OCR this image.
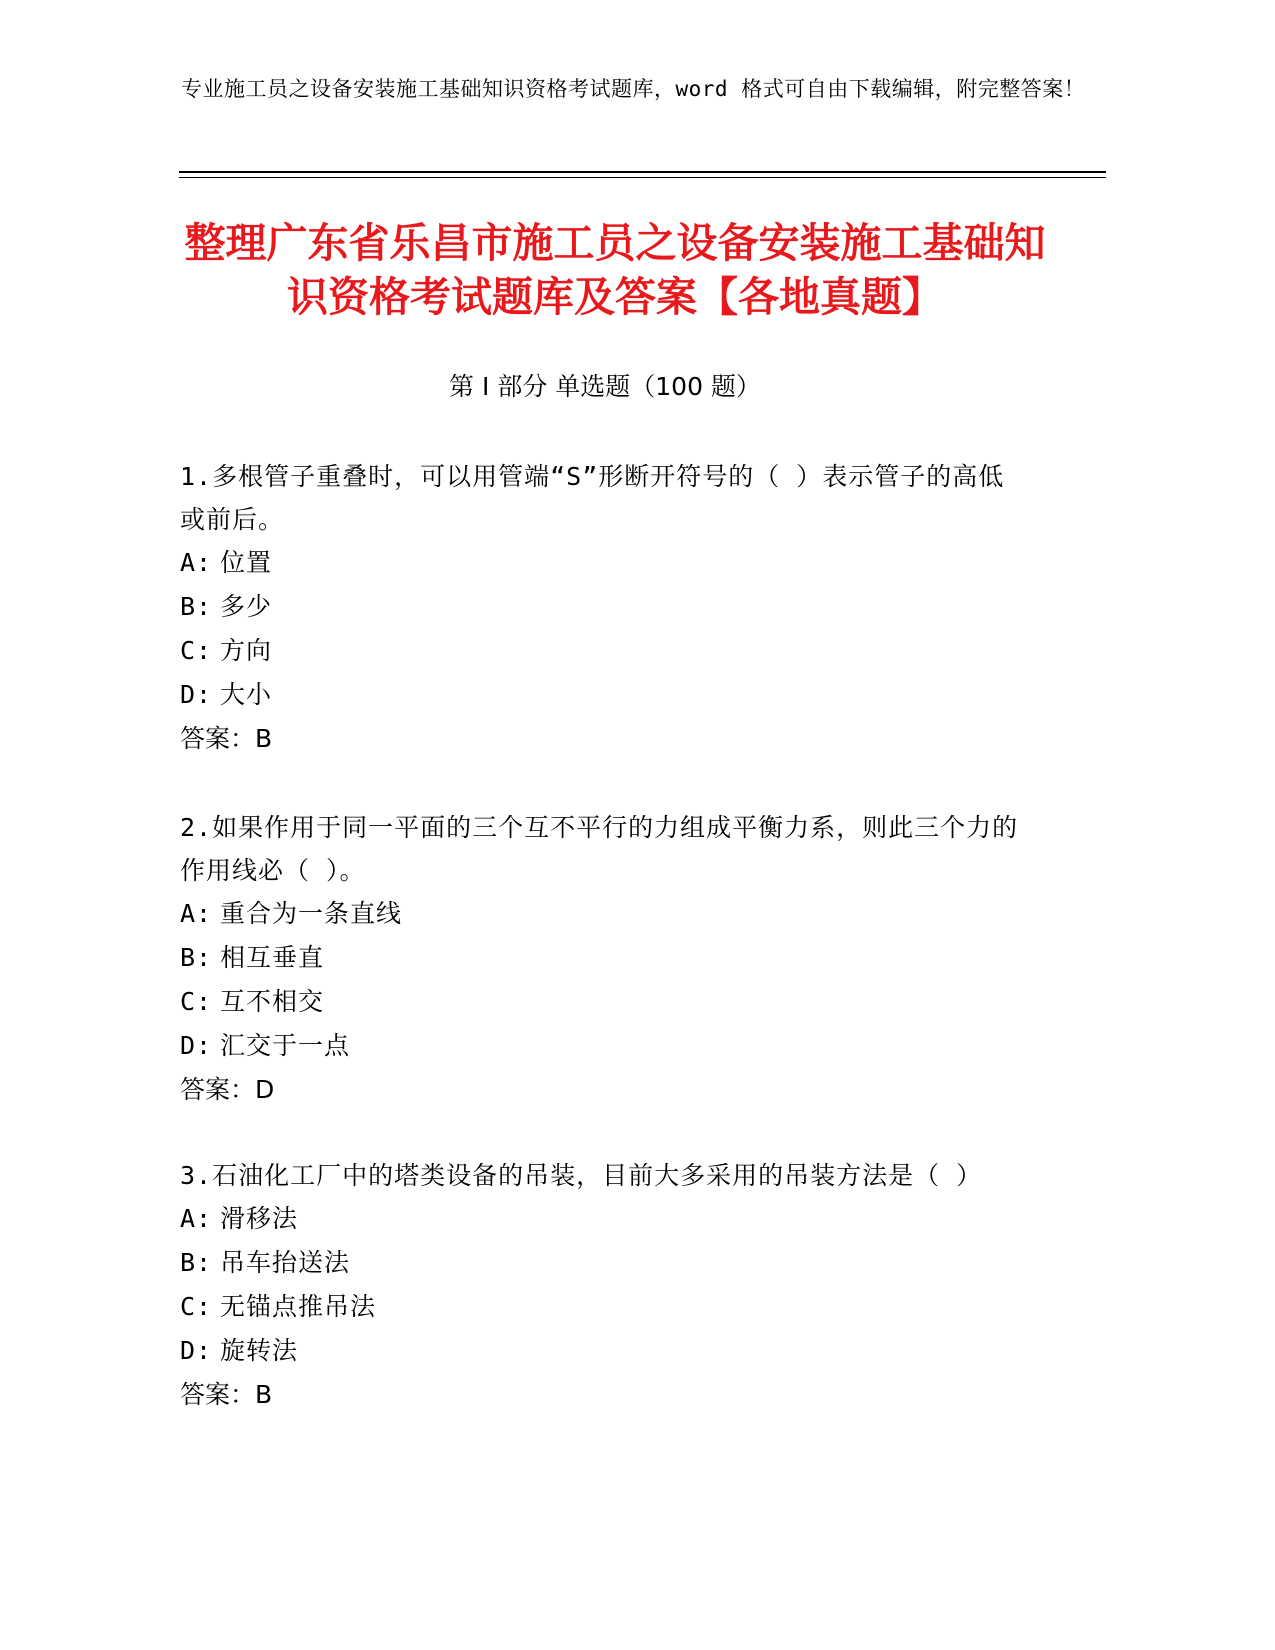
专业施工员之设备安装施工基础知识资格考试题库，word 格式可自由下载编辑，附完整答案！
整理广东省乐昌市施工员之设备安装施工基础知识资格考试题库及答案【各地真题】
第 I 部分 单选题（100 题）
1.多根管子重叠时，可以用管端“S”形断开符号的（ ）表示管子的高低或前后。
A: 位置
B: 多少
C: 方向
D: 大小
答案：B
2.如果作用于同一平面的三个互不平行的力组成平衡力系，则此三个力的作用线必（ ）。
A: 重合为一条直线
B: 相互垂直
C: 互不相交
D: 汇交于一点
答案：D
3.石油化工厂中的塔类设备的吊装，目前大多采用的吊装方法是（ ）
A: 滑移法
B: 吊车抬送法
C: 无锚点推吊法
D: 旋转法
答案：B
